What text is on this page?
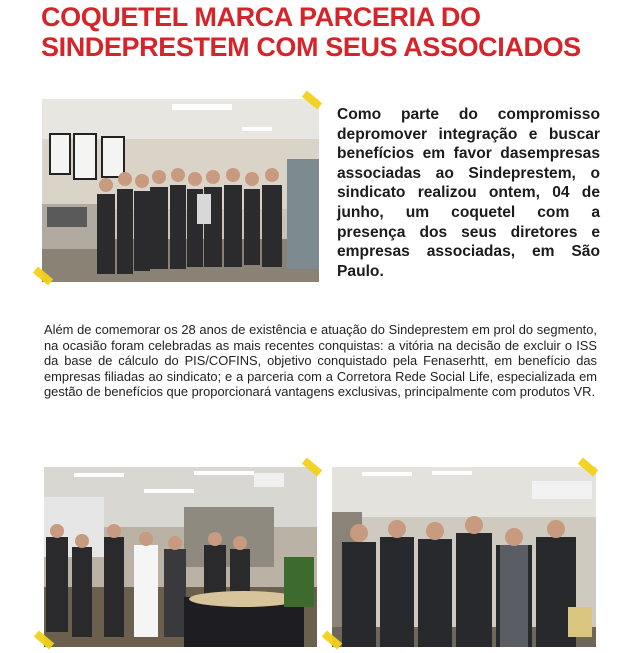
COQUETEL MARCA PARCERIA DO
SINDEPRESTEM COM SEUS ASSOCIADOS

Como parte do compromisso depromover integração e buscar benefícios em favor dasempresas associadas ao Sindeprestem, o sindicato realizou ontem, 04 de junho, um coquetel com a presença dos seus diretores e empresas associadas, em São Paulo.

Além de comemorar os 28 anos de existência e atuação do Sindeprestem em prol do segmento, na ocasião foram celebradas as mais recentes conquistas: a vitória na decisão de excluir o ISS da base de cálculo do PIS/COFINS, objetivo conquistado pela Fenaserhtt, em benefício das empresas filiadas ao sindicato; e a parceria com a Corretora Rede Social Life, especializada em gestão de benefícios que proporcionará vantagens exclusivas, principalmente com produtos VR.
